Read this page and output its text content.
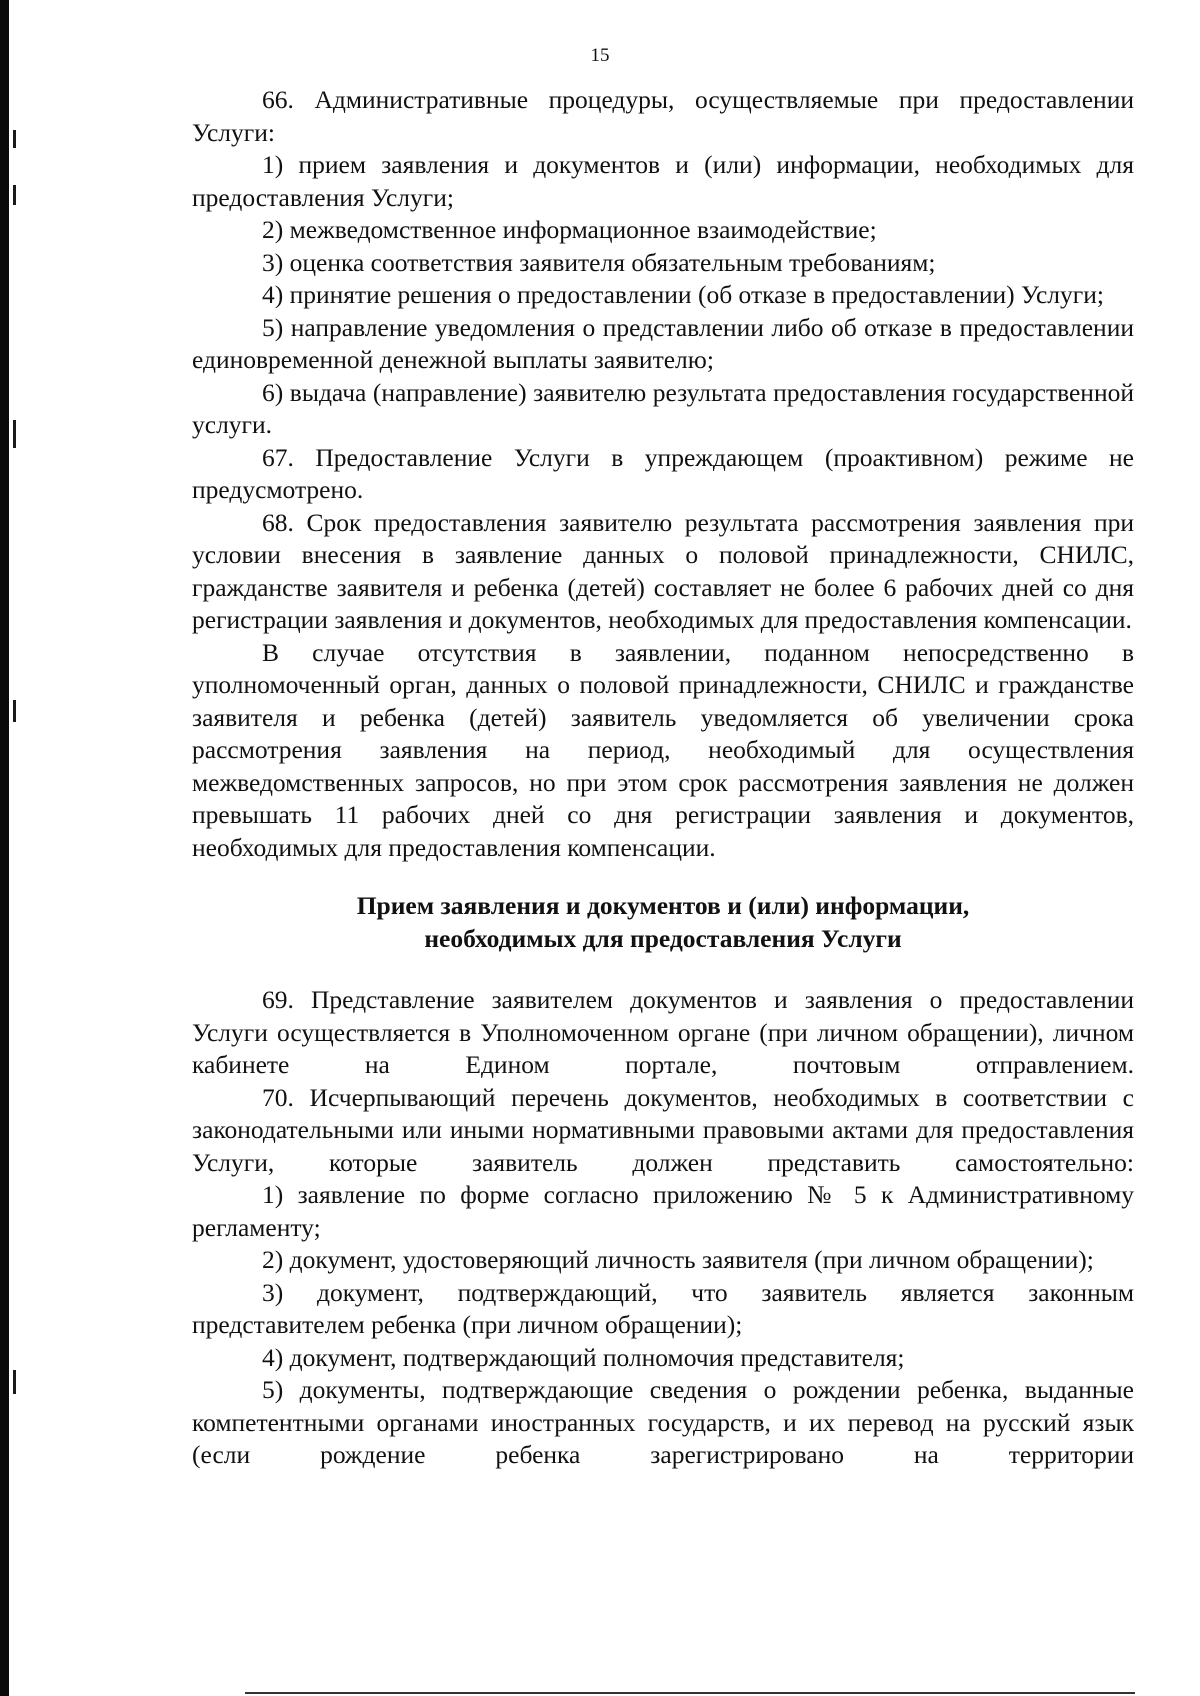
15

66. Административные процедуры, осуществляемые при предоставлении Услуги:

1) прием заявления и документов и (или) информации, необходимых для предоставления Услуги;

2) межведомственное информационное взаимодействие;

3) оценка соответствия заявителя обязательным требованиям;

4) принятие решения о предоставлении (об отказе в предоставлении) Услуги;

5) направление уведомления о представлении либо об отказе в предоставлении единовременной денежной выплаты заявителю;

6) выдача (направление) заявителю результата предоставления государственной услуги.

67. Предоставление Услуги в упреждающем (проактивном) режиме не предусмотрено.

68. Срок предоставления заявителю результата рассмотрения заявления при условии внесения в заявление данных о половой принадлежности, СНИЛС, гражданстве заявителя и ребенка (детей) составляет не более 6 рабочих дней со дня регистрации заявления и документов, необходимых для предоставления компенсации.

В случае отсутствия в заявлении, поданном непосредственно в уполномоченный орган, данных о половой принадлежности, СНИЛС и гражданстве заявителя и ребенка (детей) заявитель уведомляется об увеличении срока рассмотрения заявления на период, необходимый для осуществления межведомственных запросов, но при этом срок рассмотрения заявления не должен превышать 11 рабочих дней со дня регистрации заявления и документов, необходимых для предоставления компенсации.

Прием заявления и документов и (или) информации,
необходимых для предоставления Услуги

69. Представление заявителем документов и заявления о предоставлении Услуги осуществляется в Уполномоченном органе (при личном обращении), личном кабинете на Едином портале, почтовым отправлением.

70. Исчерпывающий перечень документов, необходимых в соответствии с законодательными или иными нормативными правовыми актами для предоставления Услуги, которые заявитель должен представить самостоятельно:

1) заявление по форме согласно приложению № 5 к Административному регламенту;

2) документ, удостоверяющий личность заявителя (при личном обращении);

3) документ, подтверждающий, что заявитель является законным представителем ребенка (при личном обращении);

4) документ, подтверждающий полномочия представителя;

5) документы, подтверждающие сведения о рождении ребенка, выданные компетентными органами иностранных государств, и их перевод на русский язык (если рождение ребенка зарегистрировано на территории
